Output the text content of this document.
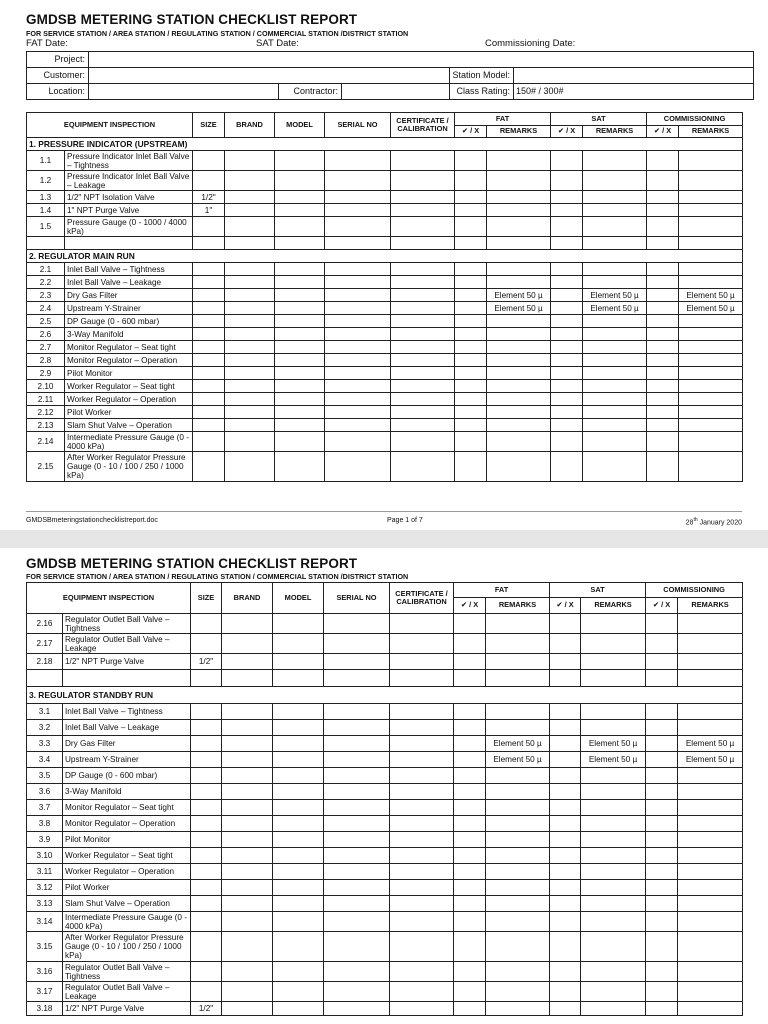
GMDSB METERING STATION CHECKLIST REPORT
FOR SERVICE STATION / AREA STATION / REGULATING STATION / COMMERCIAL STATION /DISTRICT STATION
FAT Date:	SAT Date:	Commissioning Date:
Project:					
Customer:				Station Model:	
Location:		Contractor:		Class Rating:	150# / 300#
EQUIPMENT INSPECTION		SIZE	BRAND	MODEL	SERIAL NO	CERTIFICATE / CALIBRATION	FAT		SAT		COMMISSIONING	
							✔ / X	REMARKS	✔ / X	REMARKS	✔ / X	REMARKS
1. PRESSURE INDICATOR (UPSTREAM)												
1.1	Pressure Indicator Inlet Ball Valve – Tightness											
1.2	Pressure Indicator Inlet Ball Valve – Leakage											
1.3	1/2" NPT Isolation Valve	1/2"										
1.4	1" NPT Purge Valve	1"										
1.5	Pressure Gauge (0 - 1000 / 4000 kPa)											

2. REGULATOR MAIN RUN												
2.1	Inlet Ball Valve – Tightness											
2.2	Inlet Ball Valve – Leakage											
2.3	Dry Gas Filter							Element 50 µ		Element 50 µ		Element 50 µ
2.4	Upstream Y-Strainer							Element 50 µ		Element 50 µ		Element 50 µ
2.5	DP Gauge (0 - 600 mbar)											
2.6	3-Way Manifold											
2.7	Monitor Regulator – Seat tight											
2.8	Monitor Regulator – Operation											
2.9	Pilot Monitor											
2.10	Worker Regulator – Seat tight											
2.11	Worker Regulator – Operation											
2.12	Pilot Worker											
2.13	Slam Shut Valve – Operation											
2.14	Intermediate Pressure Gauge (0 - 4000 kPa)											
2.15	After Worker Regulator Pressure Gauge (0 - 10 / 100 / 250 / 1000 kPa)											
GMDSBmeteringstationchecklistreport.doc	Page 1 of 7	28th January 2020
GMDSB METERING STATION CHECKLIST REPORT
FOR SERVICE STATION / AREA STATION / REGULATING STATION / COMMERCIAL STATION /DISTRICT STATION
EQUIPMENT INSPECTION		SIZE	BRAND	MODEL	SERIAL NO	CERTIFICATE / CALIBRATION	FAT		SAT		COMMISSIONING	
							✔ / X	REMARKS	✔ / X	REMARKS	✔ / X	REMARKS
2.16	Regulator Outlet Ball Valve – Tightness											
2.17	Regulator Outlet Ball Valve – Leakage											
2.18	1/2" NPT Purge Valve	1/2"										

3. REGULATOR STANDBY RUN												
3.1	Inlet Ball Valve – Tightness											
3.2	Inlet Ball Valve – Leakage											
3.3	Dry Gas Filter							Element 50 µ		Element 50 µ		Element 50 µ
3.4	Upstream Y-Strainer							Element 50 µ		Element 50 µ		Element 50 µ
3.5	DP Gauge (0 - 600 mbar)											
3.6	3-Way Manifold											
3.7	Monitor Regulator – Seat tight											
3.8	Monitor Regulator – Operation											
3.9	Pilot Monitor											
3.10	Worker Regulator – Seat tight											
3.11	Worker Regulator – Operation											
3.12	Pilot Worker											
3.13	Slam Shut Valve – Operation											
3.14	Intermediate Pressure Gauge (0 - 4000 kPa)											
3.15	After Worker Regulator Pressure Gauge (0 - 10 / 100 / 250 / 1000 kPa)											
3.16	Regulator Outlet Ball Valve – Tightness											
3.17	Regulator Outlet Ball Valve – Leakage											
3.18	1/2" NPT Purge Valve	1/2"										
